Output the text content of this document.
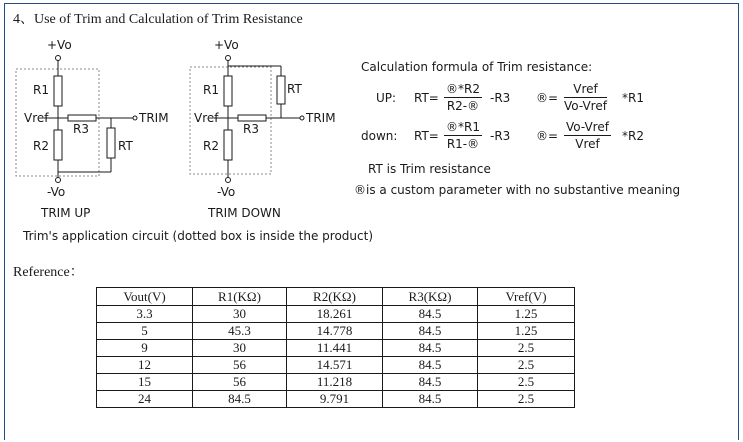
4、Use of Trim and Calculation of Trim Resistance
+Vo
R1
Vref
R3
TRIM
R2	RT
-Vo
TRIM UP
+Vo
R1	RT
Vref
R3
TRIM
R2
-Vo
TRIM DOWN
Trim's application circuit (dotted box is inside the product)
Calculation formula of Trim resistance:
UP: $RT= \frac{®*R2}{R2-®} -R3$ ®=
Vref
Vo-Vref
*R1
down: $RT= \frac{®*R1}{R1-®} -R3$ ®=
Vo-Vref
Vref
*R2
RT is Trim resistance
®is a custom parameter with no substantive meaning
Reference：
Vout(V)	R1(KΩ)	R2(KΩ)	R3(KΩ)	Vref(V)
3.3	30	18.261	84.5	1.25
5	45.3	14.778	84.5	1.25
9	30	11.441	84.5	2.5
12	56	14.571	84.5	2.5
15	56	11.218	84.5	2.5
24	84.5	9.791	84.5	2.5
